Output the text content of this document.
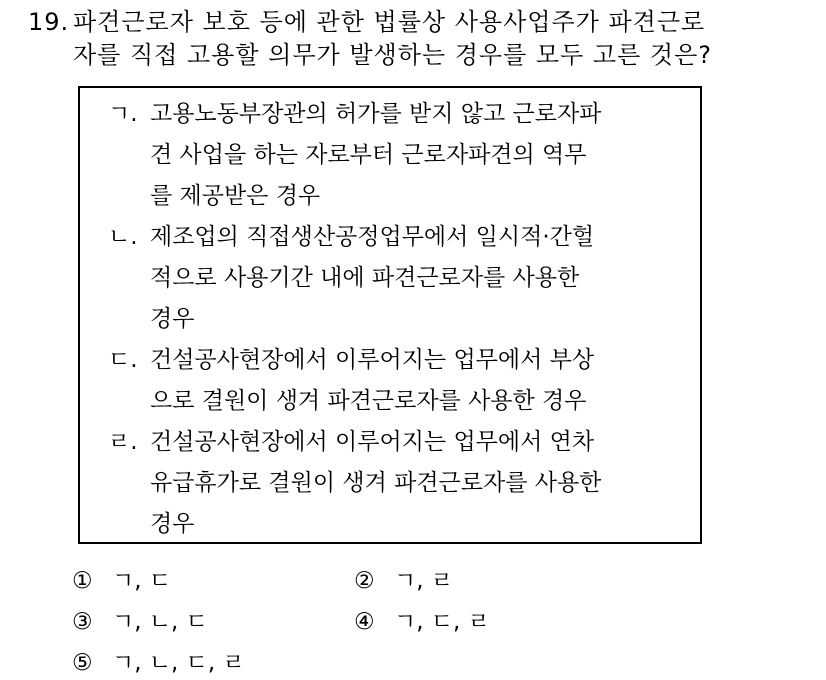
19. 파견근로자 보호 등에 관한 법률상 사용사업주가 파견근로
자를 직접 고용할 의무가 발생하는 경우를 모두 고른 것은?
ㄱ. 고용노동부장관의 허가를 받지 않고 근로자파
견 사업을 하는 자로부터 근로자파견의 역무
를 제공받은 경우
ㄴ. 제조업의 직접생산공정업무에서 일시적·간헐
적으로 사용기간 내에 파견근로자를 사용한
경우
ㄷ. 건설공사현장에서 이루어지는 업무에서 부상
으로 결원이 생겨 파견근로자를 사용한 경우
ㄹ. 건설공사현장에서 이루어지는 업무에서 연차
유급휴가로 결원이 생겨 파견근로자를 사용한
경우
① ㄱ, ㄷ	② ㄱ, ㄹ
③ ㄱ, ㄴ, ㄷ	④ ㄱ, ㄷ, ㄹ
⑤ ㄱ, ㄴ, ㄷ, ㄹ
